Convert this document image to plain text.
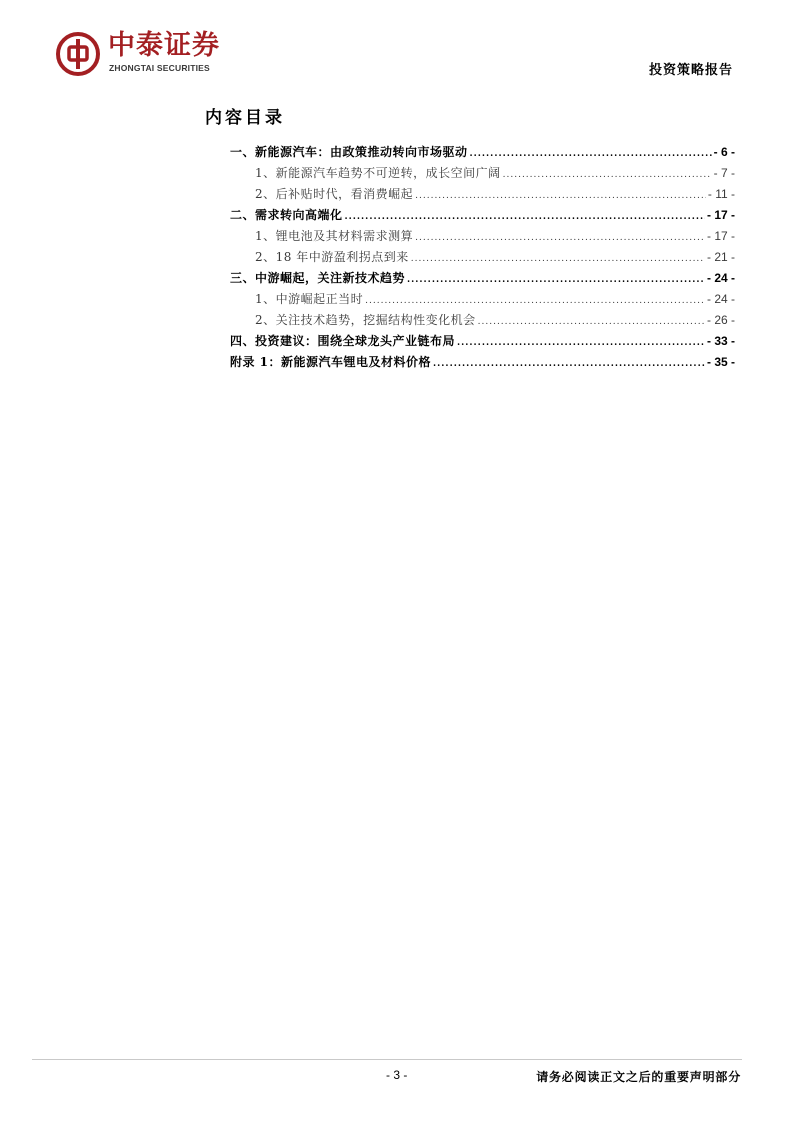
中泰证券
ZHONGTAI SECURITIES	投资策略报告
内容目录
一、新能源汽车：由政策推动转向市场驱动 .....	- 6 -
1、新能源汽车趋势不可逆转，成长空间广阔 .....	- 7 -
2、后补贴时代，看消费崛起 .....	- 11 -
二、需求转向高端化 .....	- 17 -
1、锂电池及其材料需求测算 .....	- 17 -
2、18 年中游盈利拐点到来 .....	- 21 -
三、中游崛起，关注新技术趋势 .....	- 24 -
1、中游崛起正当时 .....	- 24 -
2、关注技术趋势，挖掘结构性变化机会 .....	- 26 -
四、投资建议：围绕全球龙头产业链布局 .....	- 33 -
附录 1：新能源汽车锂电及材料价格 .....	- 35 -
- 3 -	请务必阅读正文之后的重要声明部分
